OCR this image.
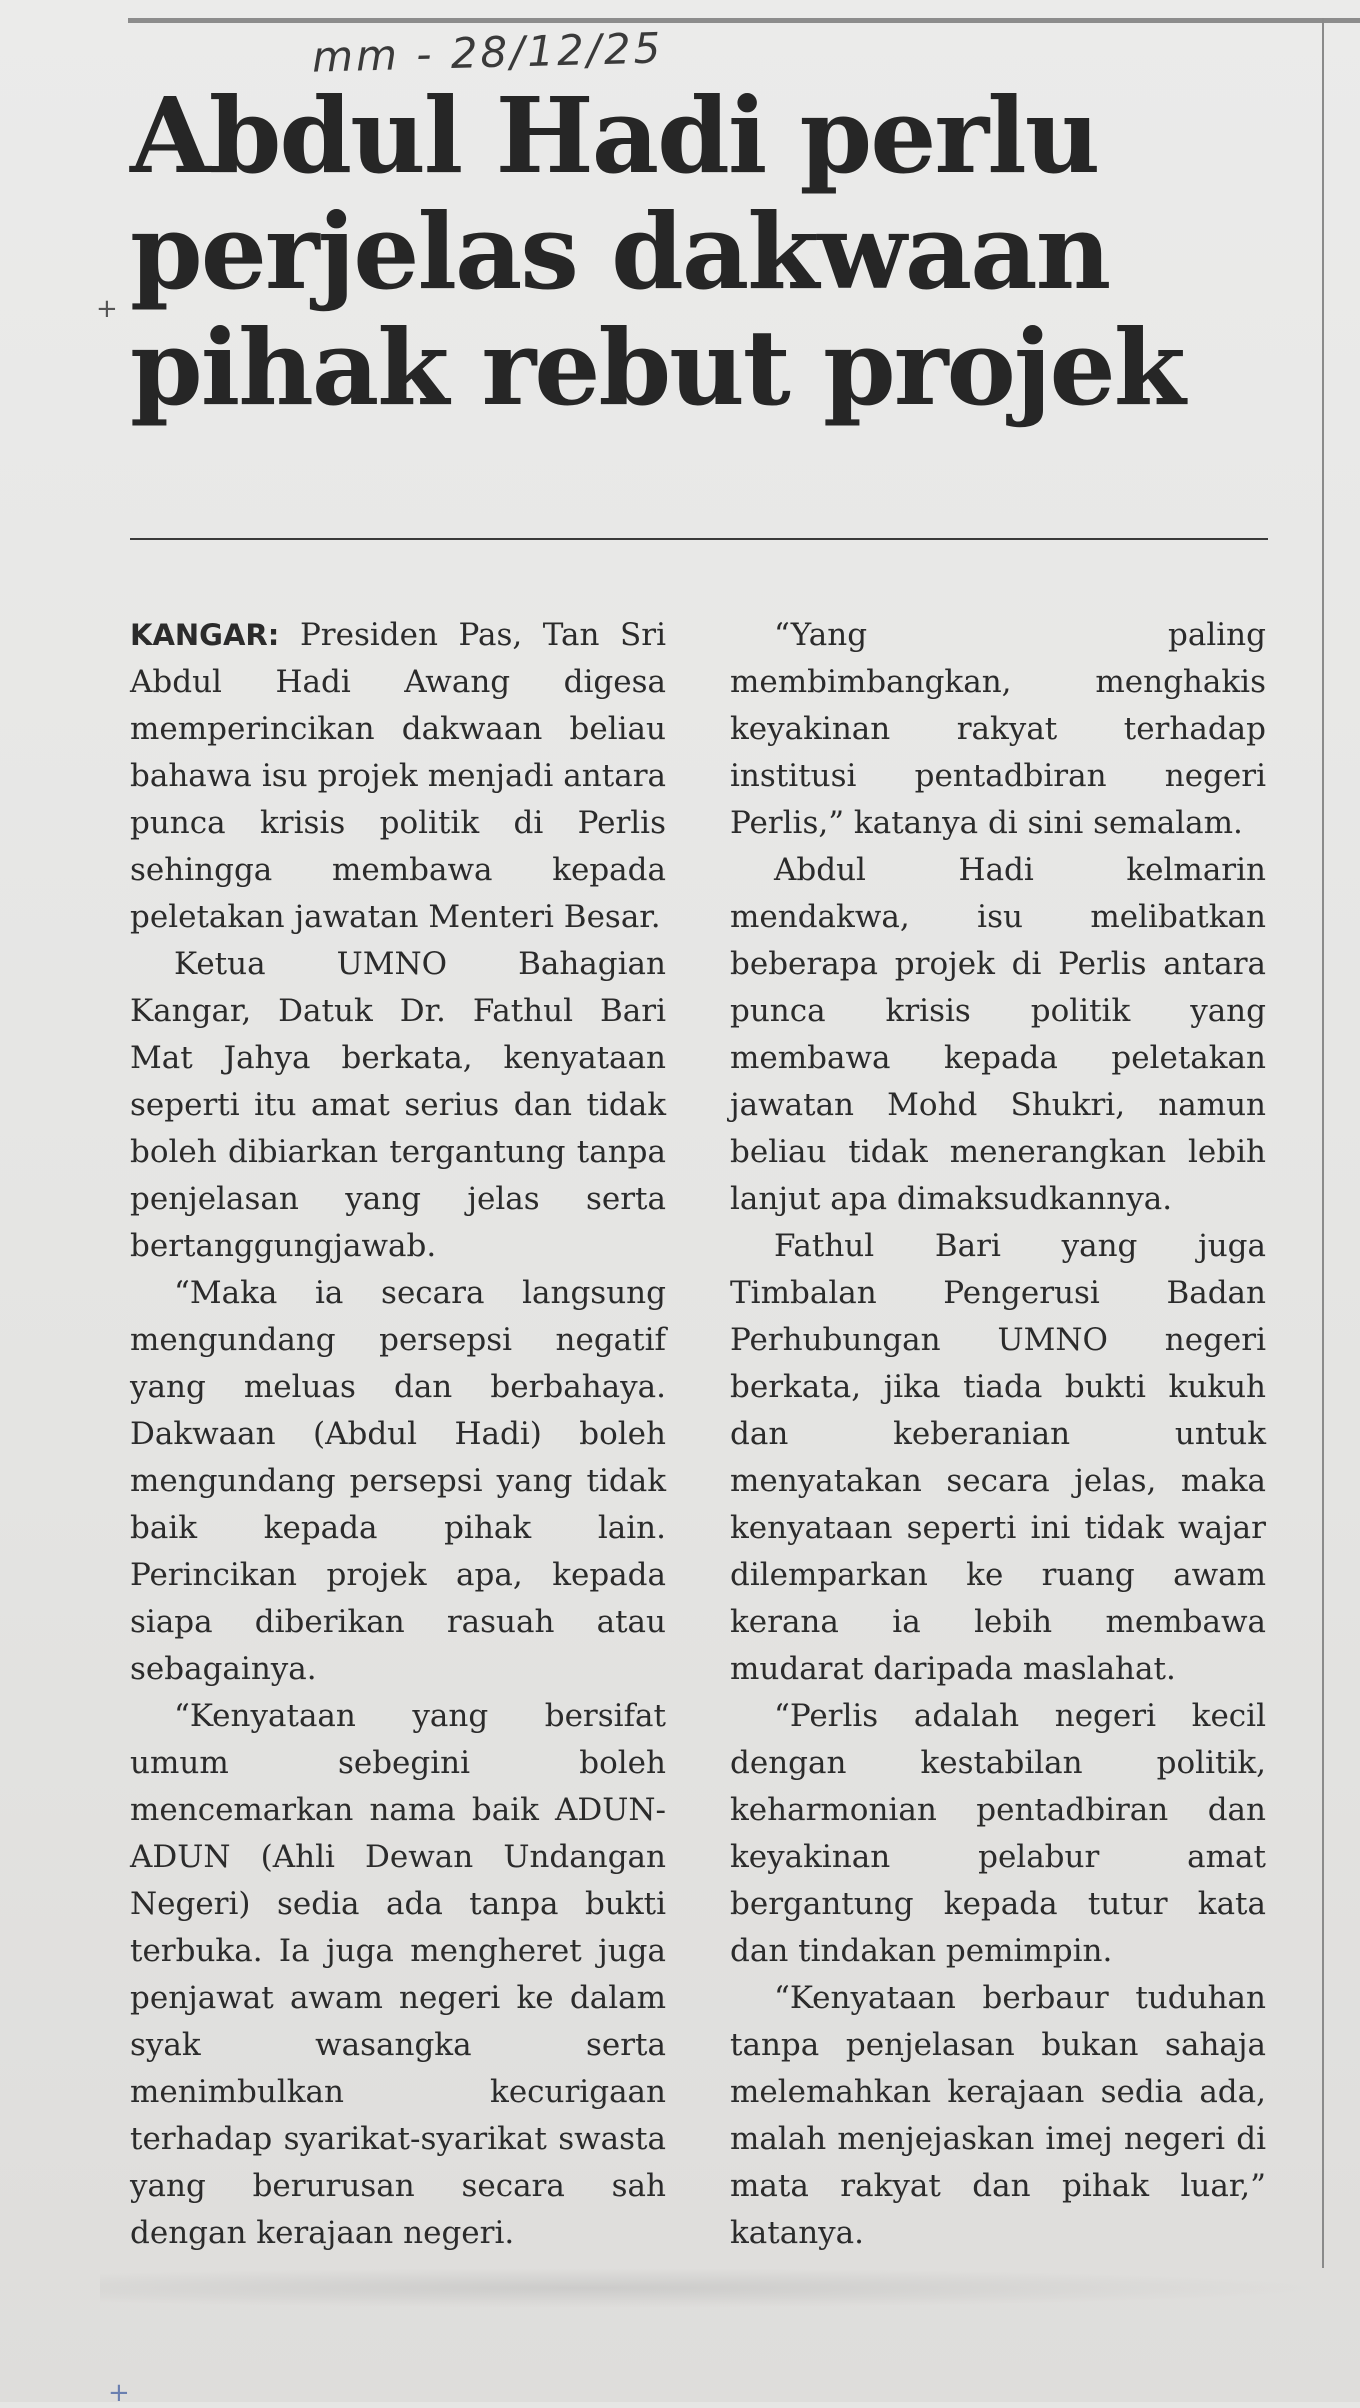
mm - 28/12/25
+
Abdul Hadi perlu
perjelas dakwaan
pihak rebut projek

KANGAR: Presiden Pas, Tan Sri Abdul Hadi Awang digesa memperincikan dakwaan beliau bahawa isu projek menjadi antara punca krisis politik di Perlis sehingga membawa kepada peletakan jawatan Menteri Besar.

Ketua UMNO Bahagian Kangar, Datuk Dr. Fathul Bari Mat Jahya berkata, kenyataan seperti itu amat serius dan tidak boleh dibiarkan tergantung tanpa penjelasan yang jelas serta bertanggungjawab.

“Maka ia secara langsung mengundang persepsi negatif yang meluas dan berbahaya. Dakwaan (Abdul Hadi) boleh mengundang persepsi yang tidak baik kepada pihak lain. Perincikan projek apa, kepada siapa diberikan rasuah atau sebagainya.

“Kenyataan yang bersifat umum sebegini boleh mencemarkan nama baik ADUN-ADUN (Ahli Dewan Undangan Negeri) sedia ada tanpa bukti terbuka. Ia juga mengheret juga penjawat awam negeri ke dalam syak wasangka serta menimbulkan kecurigaan terhadap syarikat-syarikat swasta yang berurusan secara sah dengan kerajaan negeri.

“Yang paling membimbangkan, menghakis keyakinan rakyat terhadap institusi pentadbiran negeri Perlis,” katanya di sini semalam.

Abdul Hadi kelmarin mendakwa, isu melibatkan beberapa projek di Perlis antara punca krisis politik yang membawa kepada peletakan jawatan Mohd Shukri, namun beliau tidak menerangkan lebih lanjut apa dimaksudkannya.

Fathul Bari yang juga Timbalan Pengerusi Badan Perhubungan UMNO negeri berkata, jika tiada bukti kukuh dan keberanian untuk menyatakan secara jelas, maka kenyataan seperti ini tidak wajar dilemparkan ke ruang awam kerana ia lebih membawa mudarat daripada maslahat.

“Perlis adalah negeri kecil dengan kestabilan politik, keharmonian pentadbiran dan keyakinan pelabur amat bergantung kepada tutur kata dan tindakan pemimpin.

“Kenyataan berbaur tuduhan tanpa penjelasan bukan sahaja melemahkan kerajaan sedia ada, malah menjejaskan imej negeri di mata rakyat dan pihak luar,” katanya.

+
